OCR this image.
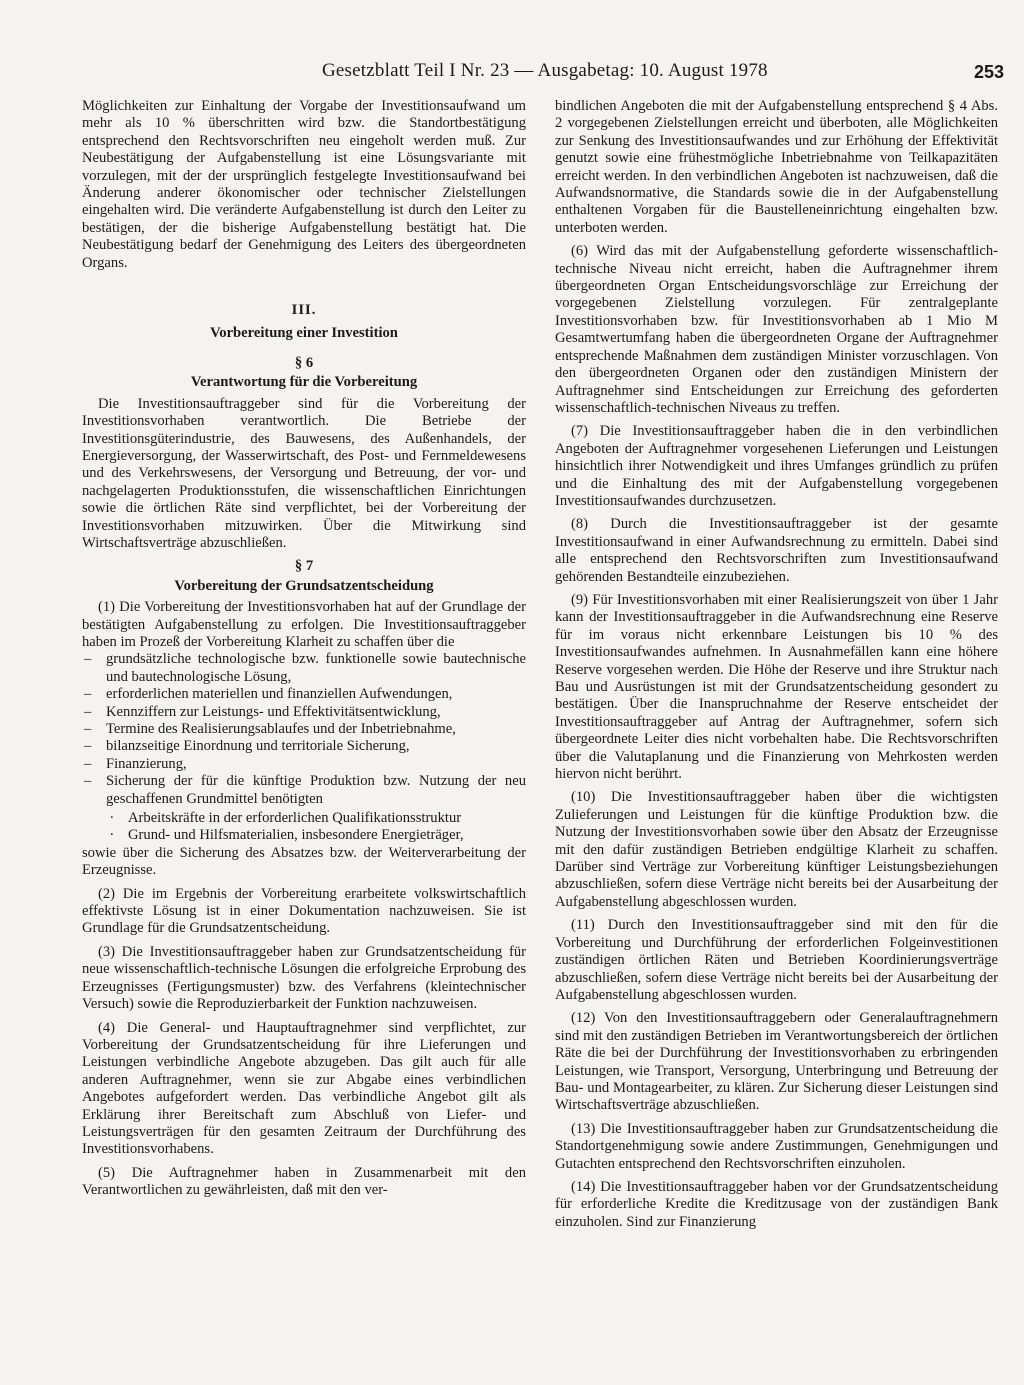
Gesetzblatt Teil I Nr. 23 — Ausgabetag: 10. August 1978	253

Möglichkeiten zur Einhaltung der Vorgabe der Investitionsaufwand um mehr als 10 % überschritten wird bzw. die Standortbestätigung entsprechend den Rechtsvorschriften neu eingeholt werden muß. Zur Neubestätigung der Aufgabenstellung ist eine Lösungsvariante mit vorzulegen, mit der der ursprünglich festgelegte Investitionsaufwand bei Änderung anderer ökonomischer oder technischer Zielstellungen eingehalten wird. Die veränderte Aufgabenstellung ist durch den Leiter zu bestätigen, der die bisherige Aufgabenstellung bestätigt hat. Die Neubestätigung bedarf der Genehmigung des Leiters des übergeordneten Organs.

III.
Vorbereitung einer Investition
§ 6
Verantwortung für die Vorbereitung

Die Investitionsauftraggeber sind für die Vorbereitung der Investitionsvorhaben verantwortlich. Die Betriebe der Investitionsgüterindustrie, des Bauwesens, des Außenhandels, der Energieversorgung, der Wasserwirtschaft, des Post- und Fernmeldewesens und des Verkehrswesens, der Versorgung und Betreuung, der vor- und nachgelagerten Produktionsstufen, die wissenschaftlichen Einrichtungen sowie die örtlichen Räte sind verpflichtet, bei der Vorbereitung der Investitionsvorhaben mitzuwirken. Über die Mitwirkung sind Wirtschaftsverträge abzuschließen.

§ 7
Vorbereitung der Grundsatzentscheidung

(1) Die Vorbereitung der Investitionsvorhaben hat auf der Grundlage der bestätigten Aufgabenstellung zu erfolgen. Die Investitionsauftraggeber haben im Prozeß der Vorbereitung Klarheit zu schaffen über die

– grundsätzliche technologische bzw. funktionelle sowie bautechnische und bautechnologische Lösung,
– erforderlichen materiellen und finanziellen Aufwendungen,
– Kennziffern zur Leistungs- und Effektivitätsentwicklung,
– Termine des Realisierungsablaufes und der Inbetriebnahme,
– bilanzseitige Einordnung und territoriale Sicherung,
– Finanzierung,
– Sicherung der für die künftige Produktion bzw. Nutzung der neu geschaffenen Grundmittel benötigten
. Arbeitskräfte in der erforderlichen Qualifikationsstruktur
. Grund- und Hilfsmaterialien, insbesondere Energieträger,

sowie über die Sicherung des Absatzes bzw. der Weiterverarbeitung der Erzeugnisse.

(2) Die im Ergebnis der Vorbereitung erarbeitete volkswirtschaftlich effektivste Lösung ist in einer Dokumentation nachzuweisen. Sie ist Grundlage für die Grundsatzentscheidung.

(3) Die Investitionsauftraggeber haben zur Grundsatzentscheidung für neue wissenschaftlich-technische Lösungen die erfolgreiche Erprobung des Erzeugnisses (Fertigungsmuster) bzw. des Verfahrens (kleintechnischer Versuch) sowie die Reproduzierbarkeit der Funktion nachzuweisen.

(4) Die General- und Hauptauftragnehmer sind verpflichtet, zur Vorbereitung der Grundsatzentscheidung für ihre Lieferungen und Leistungen verbindliche Angebote abzugeben. Das gilt auch für alle anderen Auftragnehmer, wenn sie zur Abgabe eines verbindlichen Angebotes aufgefordert werden. Das verbindliche Angebot gilt als Erklärung ihrer Bereitschaft zum Abschluß von Liefer- und Leistungsverträgen für den gesamten Zeitraum der Durchführung des Investitionsvorhabens.

(5) Die Auftragnehmer haben in Zusammenarbeit mit den Verantwortlichen zu gewährleisten, daß mit den ver-

bindlichen Angeboten die mit der Aufgabenstellung entsprechend § 4 Abs. 2 vorgegebenen Zielstellungen erreicht und überboten, alle Möglichkeiten zur Senkung des Investitionsaufwandes und zur Erhöhung der Effektivität genutzt sowie eine frühestmögliche Inbetriebnahme von Teilkapazitäten erreicht werden. In den verbindlichen Angeboten ist nachzuweisen, daß die Aufwandsnormative, die Standards sowie die in der Aufgabenstellung enthaltenen Vorgaben für die Baustelleneinrichtung eingehalten bzw. unterboten werden.

(6) Wird das mit der Aufgabenstellung geforderte wissenschaftlich-technische Niveau nicht erreicht, haben die Auftragnehmer ihrem übergeordneten Organ Entscheidungsvorschläge zur Erreichung der vorgegebenen Zielstellung vorzulegen. Für zentralgeplante Investitionsvorhaben bzw. für Investitionsvorhaben ab 1 Mio M Gesamtwertumfang haben die übergeordneten Organe der Auftragnehmer entsprechende Maßnahmen dem zuständigen Minister vorzuschlagen. Von den übergeordneten Organen oder den zuständigen Ministern der Auftragnehmer sind Entscheidungen zur Erreichung des geforderten wissenschaftlich-technischen Niveaus zu treffen.

(7) Die Investitionsauftraggeber haben die in den verbindlichen Angeboten der Auftragnehmer vorgesehenen Lieferungen und Leistungen hinsichtlich ihrer Notwendigkeit und ihres Umfanges gründlich zu prüfen und die Einhaltung des mit der Aufgabenstellung vorgegebenen Investitionsaufwandes durchzusetzen.

(8) Durch die Investitionsauftraggeber ist der gesamte Investitionsaufwand in einer Aufwandsrechnung zu ermitteln. Dabei sind alle entsprechend den Rechtsvorschriften zum Investitionsaufwand gehörenden Bestandteile einzubeziehen.

(9) Für Investitionsvorhaben mit einer Realisierungszeit von über 1 Jahr kann der Investitionsauftraggeber in die Aufwandsrechnung eine Reserve für im voraus nicht erkennbare Leistungen bis 10 % des Investitionsaufwandes aufnehmen. In Ausnahmefällen kann eine höhere Reserve vorgesehen werden. Die Höhe der Reserve und ihre Struktur nach Bau und Ausrüstungen ist mit der Grundsatzentscheidung gesondert zu bestätigen. Über die Inanspruchnahme der Reserve entscheidet der Investitionsauftraggeber auf Antrag der Auftragnehmer, sofern sich übergeordnete Leiter dies nicht vorbehalten habe. Die Rechtsvorschriften über die Valutaplanung und die Finanzierung von Mehrkosten werden hiervon nicht berührt.

(10) Die Investitionsauftraggeber haben über die wichtigsten Zulieferungen und Leistungen für die künftige Produktion bzw. die Nutzung der Investitionsvorhaben sowie über den Absatz der Erzeugnisse mit den dafür zuständigen Betrieben endgültige Klarheit zu schaffen. Darüber sind Verträge zur Vorbereitung künftiger Leistungsbeziehungen abzuschließen, sofern diese Verträge nicht bereits bei der Ausarbeitung der Aufgabenstellung abgeschlossen wurden.

(11) Durch den Investitionsauftraggeber sind mit den für die Vorbereitung und Durchführung der erforderlichen Folgeinvestitionen zuständigen örtlichen Räten und Betrieben Koordinierungsverträge abzuschließen, sofern diese Verträge nicht bereits bei der Ausarbeitung der Aufgabenstellung abgeschlossen wurden.

(12) Von den Investitionsauftraggebern oder Generalauftragnehmern sind mit den zuständigen Betrieben im Verantwortungsbereich der örtlichen Räte die bei der Durchführung der Investitionsvorhaben zu erbringenden Leistungen, wie Transport, Versorgung, Unterbringung und Betreuung der Bau- und Montagearbeiter, zu klären. Zur Sicherung dieser Leistungen sind Wirtschaftsverträge abzuschließen.

(13) Die Investitionsauftraggeber haben zur Grundsatzentscheidung die Standortgenehmigung sowie andere Zustimmungen, Genehmigungen und Gutachten entsprechend den Rechtsvorschriften einzuholen.

(14) Die Investitionsauftraggeber haben vor der Grundsatzentscheidung für erforderliche Kredite die Kreditzusage von der zuständigen Bank einzuholen. Sind zur Finanzierung
